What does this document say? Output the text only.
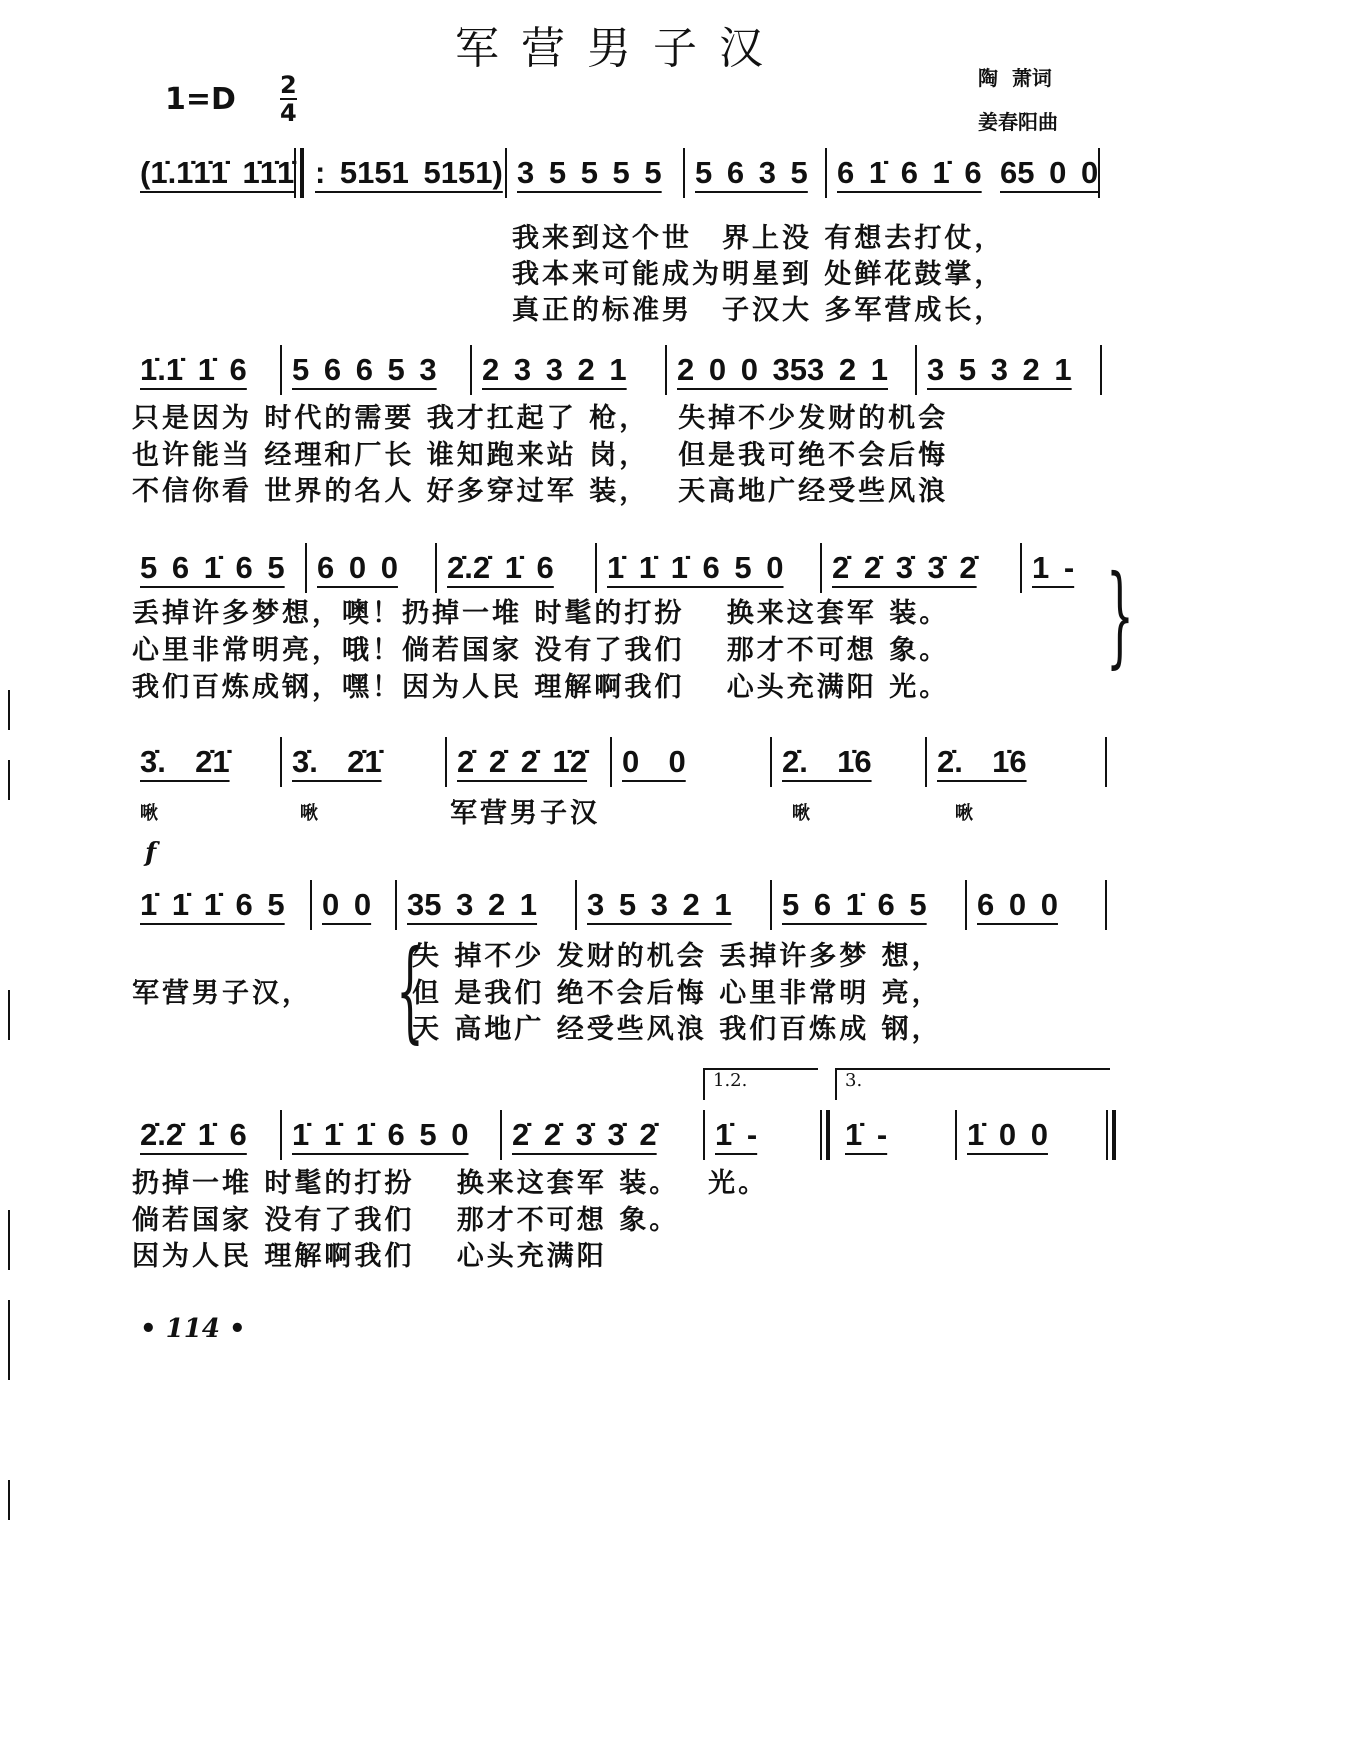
军营男子汉
陶  萧词
姜春阳曲
1=D 2
4
(1̇.1̇1̇1̇ 1̇1̇1̇ : 5151 5151) 3 5 5 5 5	5 6 3 5 6 1̇ 6 1̇ 6 65 0 0
我来到这个世　界上没 有想去打仗，
我本来可能成为明星到 处鲜花鼓掌，
真正的标准男　子汉大 多军营成长，
1̇.1̇ 1̇ 6	5 6 6 5 3	2 3 3 2 1	2 0 0 353 2 1	3 5 3 2 1
只是因为 时代的需要 我才扛起了 枪，　 失掉不少发财的机会
也许能当 经理和厂长 谁知跑来站 岗，　 但是我可绝不会后悔
不信你看 世界的名人 好多穿过军 装，　 天高地广经受些风浪
5 6 1̇ 6 5	6 0 0	2̇.2̇ 1̇ 6	1̇ 1̇ 1̇ 6 5 0	2̇ 2̇ 3̇ 3̇ 2̇	1 -
丢掉许多梦想，噢！扔掉一堆 时髦的打扮　 换来这套军 装。
心里非常明亮，哦！倘若国家 没有了我们　 那才不可想 象。
我们百炼成钢，嘿！因为人民 理解啊我们　 心头充满阳 光。
}
3̇.  2̇1̇	3̇.  2̇1̇	2̇ 2̇ 2̇ 1̇2̇	0  0	2̇.  1̇6	2̇.  1̇6
啾	啾	军营男子汉	啾	啾
f
1̇ 1̇ 1̇ 6 5	0 0	35 3 2 1	3 5 3 2 1	5 6 1̇ 6 5	6 0 0
军营男子汉， {
失 掉不少 发财的机会 丢掉许多梦 想，
但 是我们 绝不会后悔 心里非常明 亮，
天 高地广 经受些风浪 我们百炼成 钢，
1.2.	3.
2̇.2̇ 1̇ 6	1̇ 1̇ 1̇ 6 5 0	2̇ 2̇ 3̇ 3̇ 2̇	1̇ -	1̇ -	1̇ 0 0
扔掉一堆 时髦的打扮　 换来这套军 装。　 光。
倘若国家 没有了我们　 那才不可想 象。
因为人民 理解啊我们　 心头充满阳
• 114 •
